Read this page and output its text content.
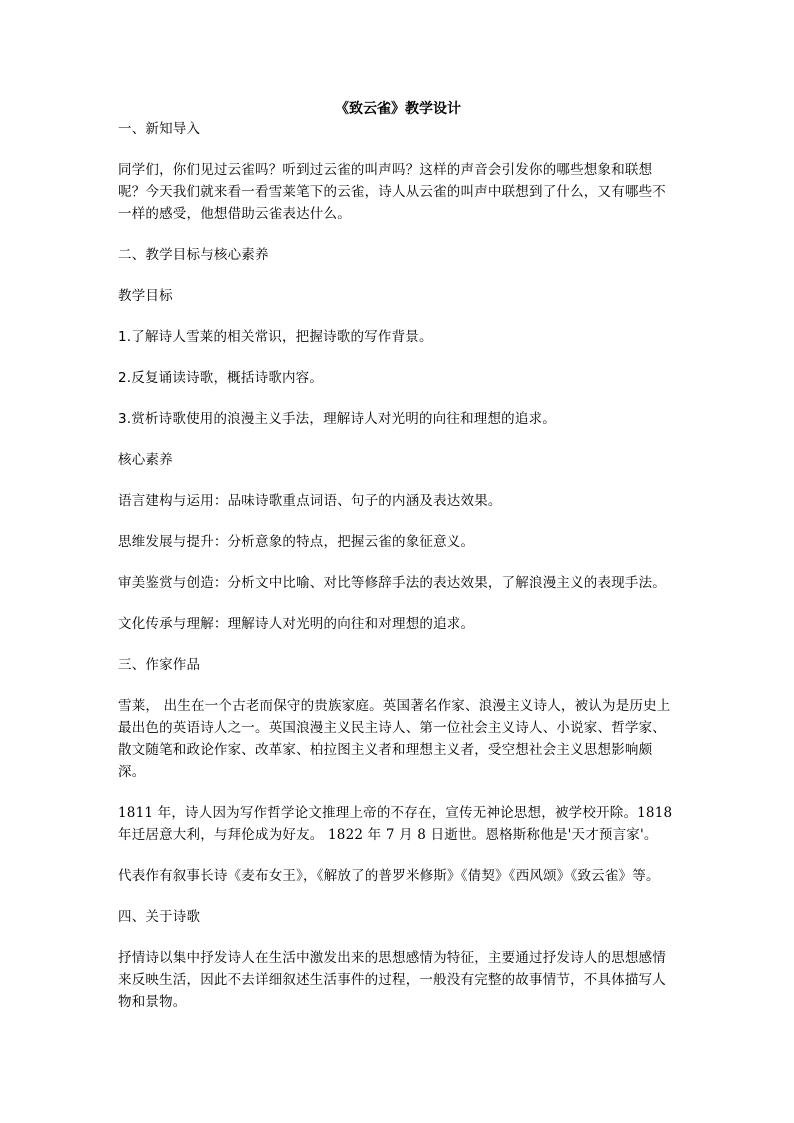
《致云雀》教学设计
一、新知导入
同学们，你们见过云雀吗？听到过云雀的叫声吗？这样的声音会引发你的哪些想象和联想呢？今天我们就来看一看雪莱笔下的云雀，诗人从云雀的叫声中联想到了什么，又有哪些不一样的感受，他想借助云雀表达什么。
二、教学目标与核心素养
教学目标
1.了解诗人雪莱的相关常识，把握诗歌的写作背景。
2.反复诵读诗歌，概括诗歌内容。
3.赏析诗歌使用的浪漫主义手法，理解诗人对光明的向往和理想的追求。
核心素养
语言建构与运用：品味诗歌重点词语、句子的内涵及表达效果。
思维发展与提升：分析意象的特点，把握云雀的象征意义。
审美鉴赏与创造：分析文中比喻、对比等修辞手法的表达效果，了解浪漫主义的表现手法。
文化传承与理解：理解诗人对光明的向往和对理想的追求。
三、作家作品
雪莱， 出生在一个古老而保守的贵族家庭。英国著名作家、浪漫主义诗人，被认为是历史上最出色的英语诗人之一。英国浪漫主义民主诗人、第一位社会主义诗人、小说家、哲学家、散文随笔和政论作家、改革家、柏拉图主义者和理想主义者，受空想社会主义思想影响颇深。
1811 年，诗人因为写作哲学论文推理上帝的不存在，宣传无神论思想，被学校开除。1818 年迁居意大利，与拜伦成为好友。 1822 年 7 月 8 日逝世。恩格斯称他是'天才预言家'。
代表作有叙事长诗《麦布女王》，《解放了的普罗米修斯》《倩契》《西风颂》《致云雀》等。
四、关于诗歌
抒情诗以集中抒发诗人在生活中激发出来的思想感情为特征，主要通过抒发诗人的思想感情来反映生活，因此不去详细叙述生活事件的过程，一般没有完整的故事情节，不具体描写人物和景物。
